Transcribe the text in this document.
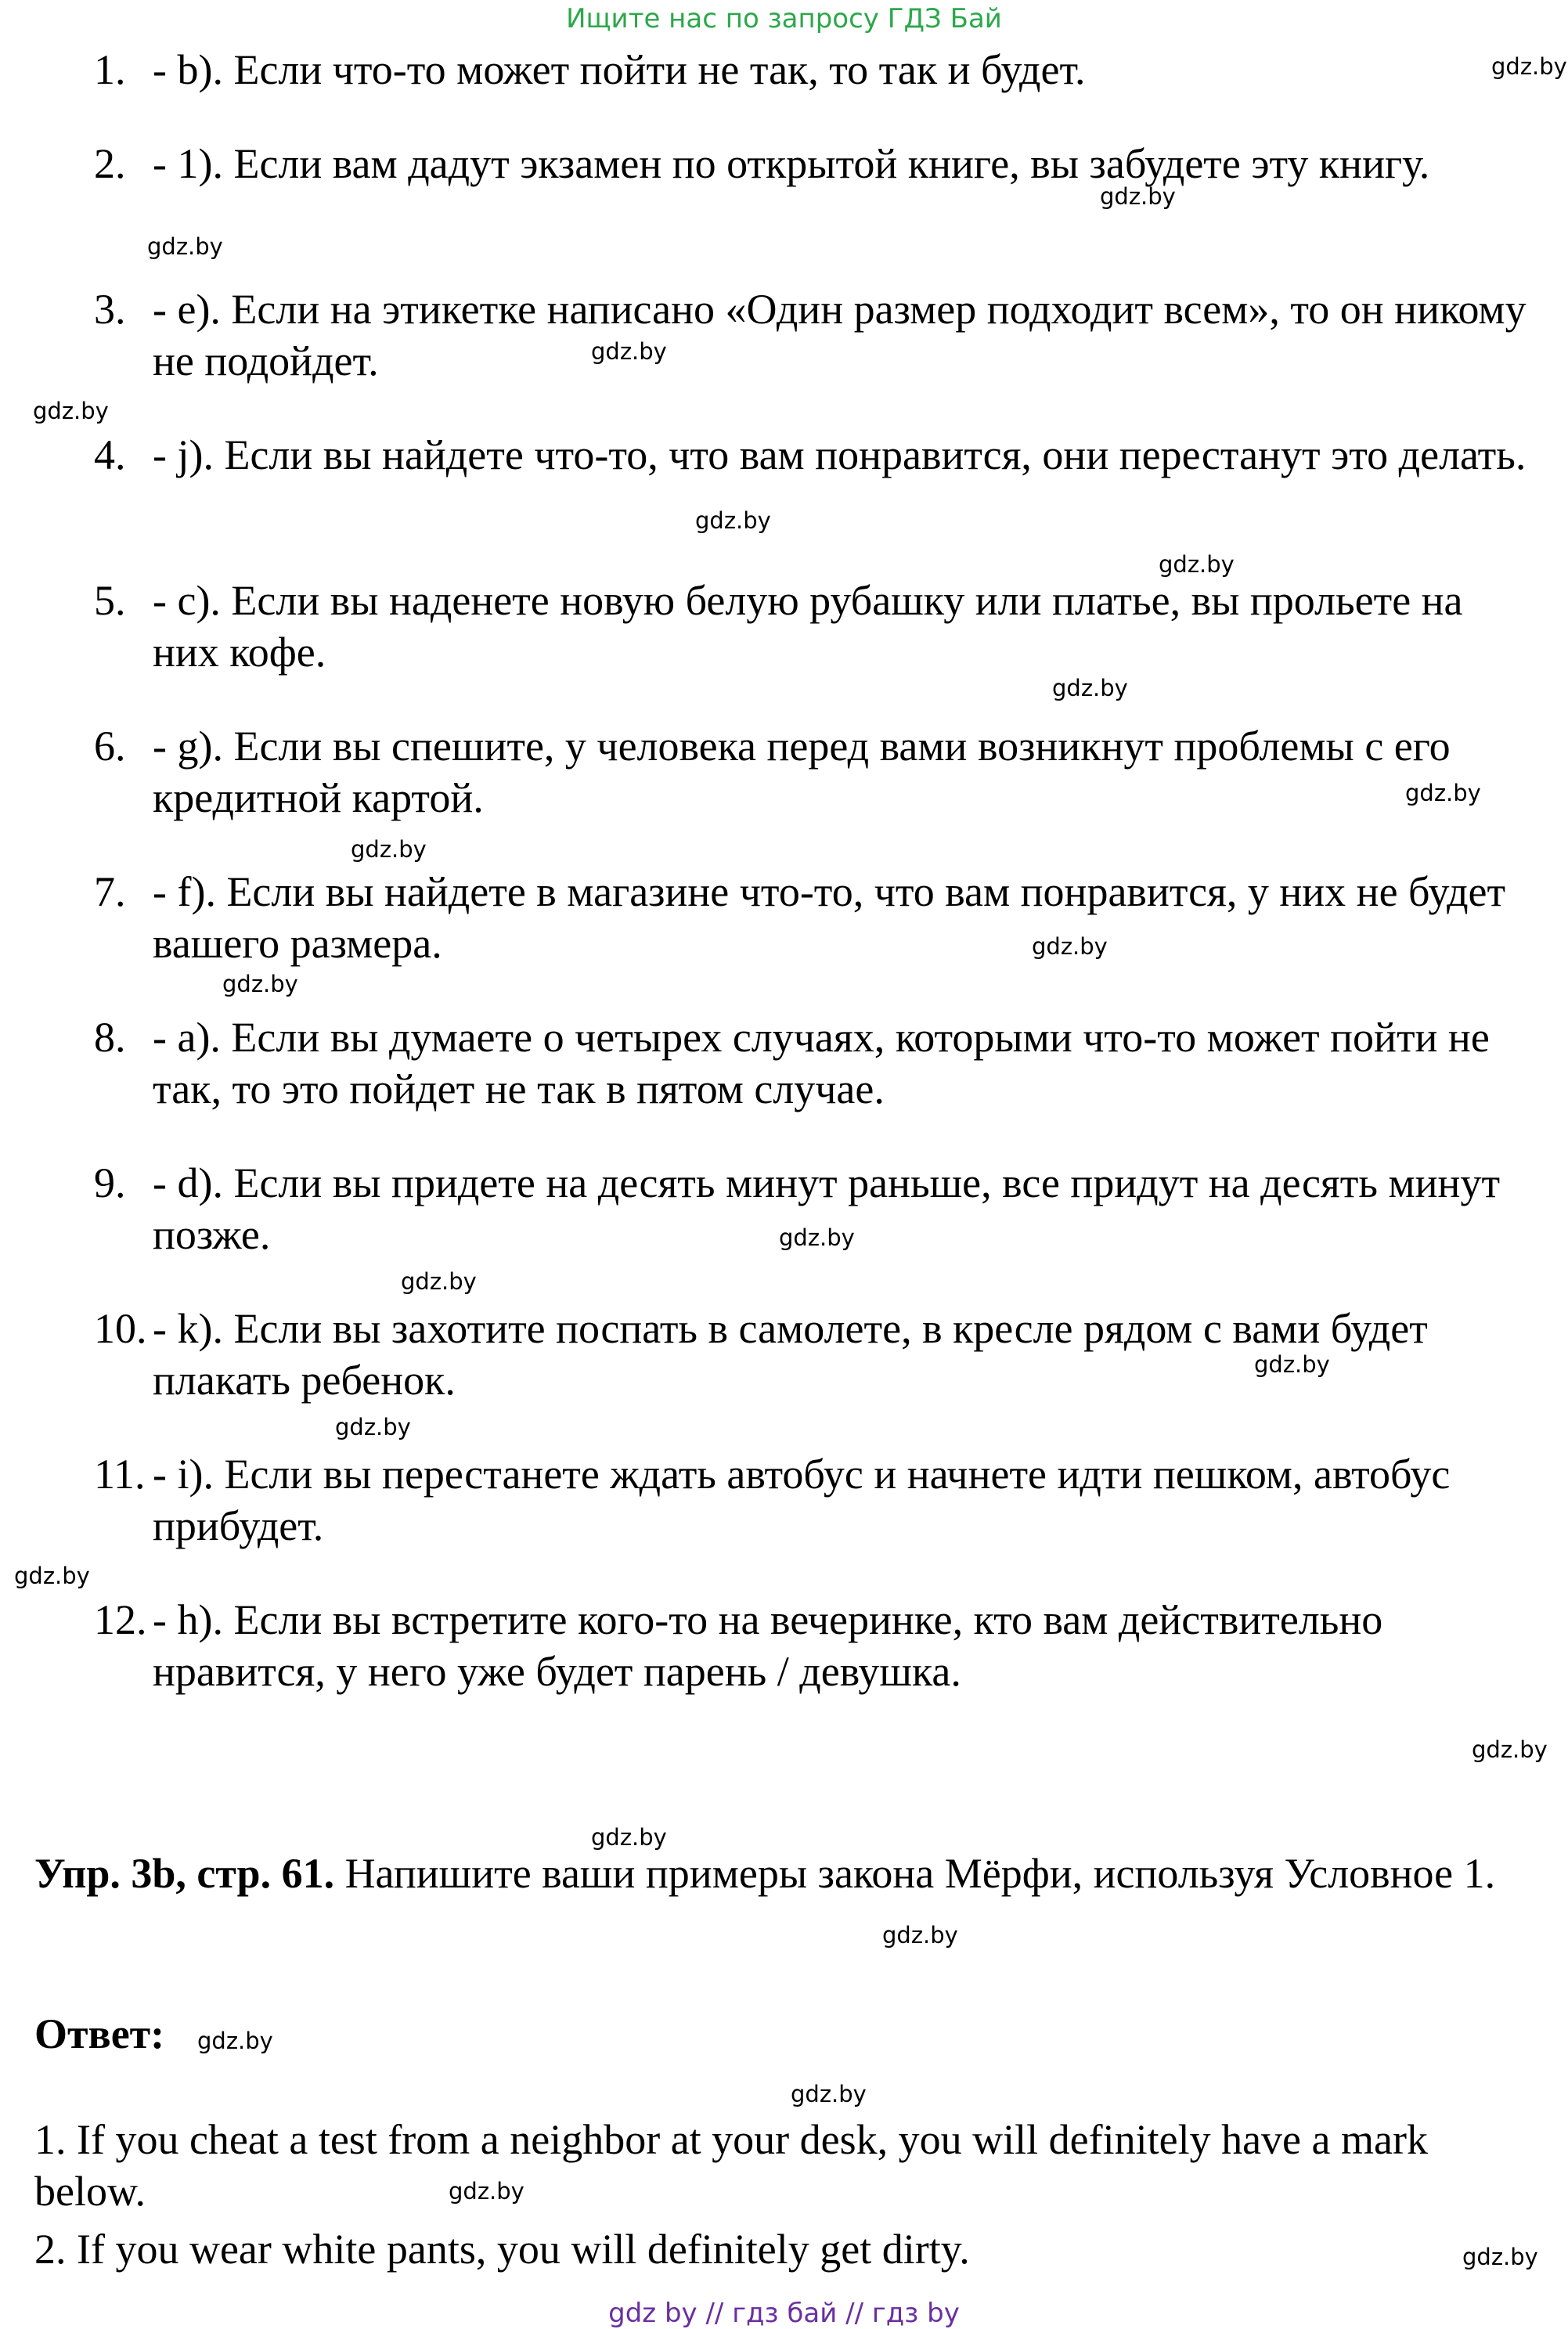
Ищите нас по запросу ГДЗ Бай
1. - b). Если что-то может пойти не так, то так и будет.
2. - 1). Если вам дадут экзамен по открытой книге, вы забудете эту книгу.
3. - e). Если на этикетке написано «Один размер подходит всем», то он никому не подойдет.
4. - j). Если вы найдете что-то, что вам понравится, они перестанут это делать.
5. - c). Если вы наденете новую белую рубашку или платье, вы прольете на них кофе.
6. - g). Если вы спешите, у человека перед вами возникнут проблемы с его кредитной картой.
7. - f). Если вы найдете в магазине что-то, что вам понравится, у них не будет вашего размера.
8. - a). Если вы думаете о четырех случаях, которыми что-то может пойти не так, то это пойдет не так в пятом случае.
9. - d). Если вы придете на десять минут раньше, все придут на десять минут позже.
10. - k). Если вы захотите поспать в самолете, в кресле рядом с вами будет плакать ребенок.
11. - i). Если вы перестанете ждать автобус и начнете идти пешком, автобус прибудет.
12. - h). Если вы встретите кого-то на вечеринке, кто вам действительно нравится, у него уже будет парень / девушка.
Упр. 3b, стр. 61. Напишите ваши примеры закона Мёрфи, используя Условное 1.
Ответ:
1. If you cheat a test from a neighbor at your desk, you will definitely have a mark below.
2. If you wear white pants, you will definitely get dirty.
gdz.by
gdz.by
gdz.by
gdz.by
gdz.by
gdz.by
gdz.by
gdz.by
gdz.by
gdz.by
gdz.by
gdz.by
gdz.by
gdz.by
gdz.by
gdz.by
gdz.by
gdz.by
gdz.by
gdz.by
gdz.by
gdz.by
gdz.by
gdz.by
gdz by // гдз бай // гдз by
